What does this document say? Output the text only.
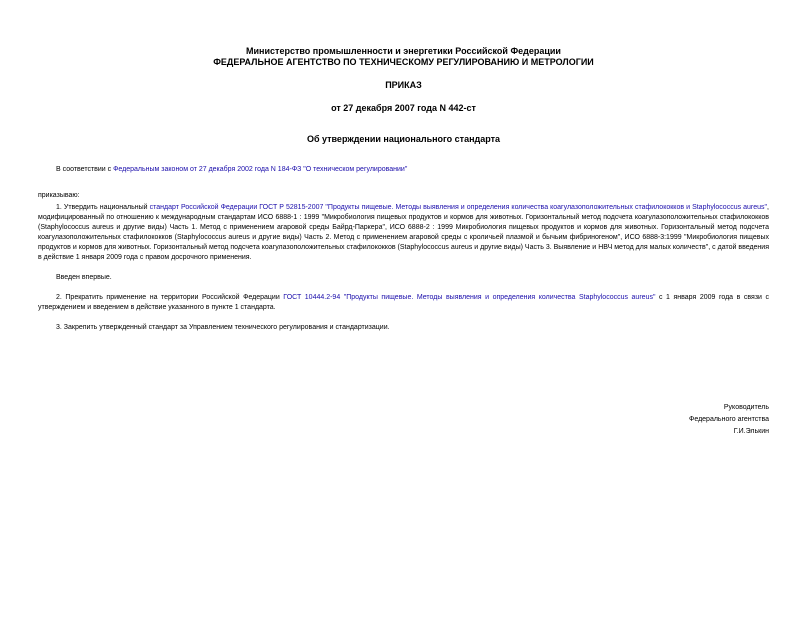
Министерство промышленности и энергетики Российской Федерации
ФЕДЕРАЛЬНОЕ АГЕНТСТВО ПО ТЕХНИЧЕСКОМУ РЕГУЛИРОВАНИЮ И МЕТРОЛОГИИ
ПРИКАЗ
от 27 декабря 2007 года N 442-ст
Об утверждении национального стандарта

В соответствии с Федеральным законом от 27 декабря 2002 года N 184-ФЗ "О техническом регулировании"

приказываю:

1. Утвердить национальный стандарт Российской Федерации ГОСТ Р 52815-2007 "Продукты пищевые. Методы выявления и определения количества коагулазоположительных стафилококков и Staphylococcus aureus", модифицированный по отношению к международным стандартам ИСО 6888-1 : 1999 "Микробиология пищевых продуктов и кормов для животных. Горизонтальный метод подсчета коагулазоположительных стафилококков (Staphylococcus aureus и другие виды) Часть 1. Метод с применением агаровой среды Байрд-Паркера", ИСО 6888-2 : 1999 Микробиология пищевых продуктов и кормов для животных. Горизонтальный метод подсчета коагулазоположительных стафилококков (Staphylococcus aureus и другие виды) Часть 2. Метод с применением агаровой среды с кроличьей плазмой и бычьим фибриногеном", ИСО 6888-3:1999 "Микробиология пищевых продуктов и кормов для животных. Горизонтальный метод подсчета коагулазоположительных стафилококков (Staphylococcus aureus и другие виды) Часть 3. Выявление и НВЧ метод для малых количеств", с датой введения в действие 1 января 2009 года с правом досрочного применения.

Введен впервые.

2. Прекратить применение на территории Российской Федерации ГОСТ 10444.2-94 "Продукты пищевые. Методы выявления и определения количества Staphylococcus aureus" с 1 января 2009 года в связи с утверждением и введением в действие указанного в пункте 1 стандарта.

3. Закрепить утвержденный стандарт за Управлением технического регулирования и стандартизации.

Руководитель
Федерального агентства
Г.И.Элькин
